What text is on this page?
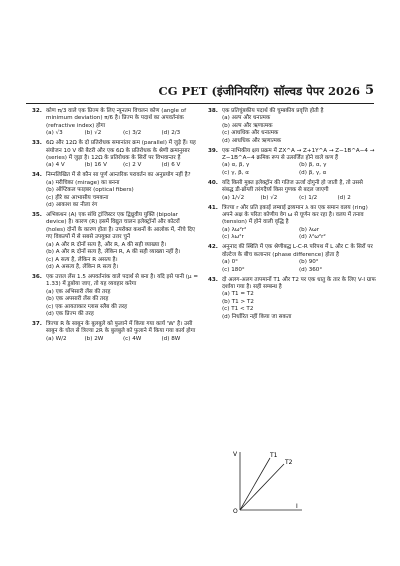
CG PET (इंजीनियरिंग) सॉल्वड पेपर 2026 5
32. कोण π/3 वाले एक प्रिज्म के लिए न्यूनतम विचलन कोण (angle of minimum deviation) π/6 है। प्रिज्म के पदार्थ का अपवर्तनांक (refractive index) होगा
(a) √3	(b) √2	(c) 3/2	(d) 2/3
33. 6Ω और 12Ω के दो प्रतिरोधक समानांतर क्रम (parallel) में जुड़े हैं। यह संयोजन 10 V की बैटरी और एक 6Ω के प्रतिरोधक के श्रेणी क्रमानुसार (series) में जुड़ा है। 12Ω के प्रतिरोधक के सिरों पर विभवान्तर है
(a) 4 V	(b) 16 V	(c) 2 V	(d) 6 V
34. निम्नलिखित में से कौन सा पूर्ण आन्तरिक परावर्तन का अनुप्रयोग नहीं है?
(a) मरीचिका (mirage) का बनना
(b) ऑप्टिकल फाइबर (optical fibers)
(c) हीरे का आभासीय चमकना
(d) आकाश का नीला रंग
35. अभिकथन (A) एक संधि ट्रांजिस्टर एक द्विध्रुवीय युक्ति (bipolar device) है। कारण (R) इसमें विद्युत चालन इलेक्ट्रॉनों और कोटरों (holes) दोनों के कारण होता है। उपरोक्त कथनों के आलोक में, नीचे दिए गए विकल्पों में से सबसे उपयुक्त उत्तर चुनें
(a) A और R दोनों सत्य है, और R, A की सही व्याख्या है।
(b) A और R दोनों सत्य है, लेकिन R, A की सही व्याख्या नहीं है।
(c) A सत्य है, लेकिन R असत्य है।
(d) A असत्य है, लेकिन R सत्य है।
36. एक उत्तल लेंस 1.5 अपवर्तनांक वाले पदार्थ से बना है। यदि इसे पानी (μ = 1.33) में डुबोया जाए, तो यह व्यवहार करेगा
(a) एक अभिसारी लेंस की तरह
(b) एक अपसारी लेंस की तरह
(c) एक आयताकार ग्लास स्लैब की तरह
(d) एक प्रिज्म की तरह
37. त्रिज्या R के साबुन के बुलबुले को फुलाने में किया गया कार्य 'W' है। उसी साबुन के घोल से त्रिज्या 2R के बुलबुले को फुलाने में किया गया कार्य होगा
(a) W/2	(b) 2W	(c) 4W	(d) 8W
38. एक प्रतिचुंबकीय पदार्थ की चुम्बकीय प्रवृत्ति होती है
(a) अल्प और धनात्मक
(b) अल्प और ऋणात्मक
(c) आधधिक और धनात्मक
(d) आधधिक और ऋणात्मक
39. एक नाभिकीय क्षय प्रक्रम में ZX^A → Z+1Y^A → Z−1B^A−4 → Z−1B^A−4 क्रमिक रूप से उत्सर्जित होने वाले कण हैं
(a) α, β, γ	(b) β, α, γ
(c) γ, β, α	(d) β, γ, α
40. यदि किसी मुक्त इलेक्ट्रॉन की गतिज ऊर्जा दोगुनी हो जाती है, तो उससे संबद्ध डी-ब्रोग्ली तरंगदैर्घ्य किस गुणक से बदल जाएगी
(a) 1/√2	(b) √2	(c) 1/2	(d) 2
41. त्रिज्या r और प्रति इकाई लम्बाई द्रव्यमान λ का एक समान वलय (ring) अपने अक्ष के परितः कोणीय वेग ω से घूर्णन कर रहा है। वलय में तनाव (tension) में होने वाली वृद्धि है
(a) λω²r²	(b) λωr
(c) λω²r	(d) λ²ω²r²
42. अनुनाद की स्थिति में एक श्रेणीबद्ध L-C-R परिपथ में L और C के सिरों पर वोल्टेज के बीच कलान्तर (phase difference) होता है
(a) 0°	(b) 90°
(c) 180°	(d) 360°
43. दो अलग-अलग तापमानों T1 और T2 पर एक धातु के तार के लिए V-I ग्राफ दर्शाया गया है। सही सम्बन्ध है
(a) T1 = T2
(b) T1 > T2
(c) T1 < T2
(d) निर्धारित नहीं किया जा सकता
V
I
O
T1
T2
